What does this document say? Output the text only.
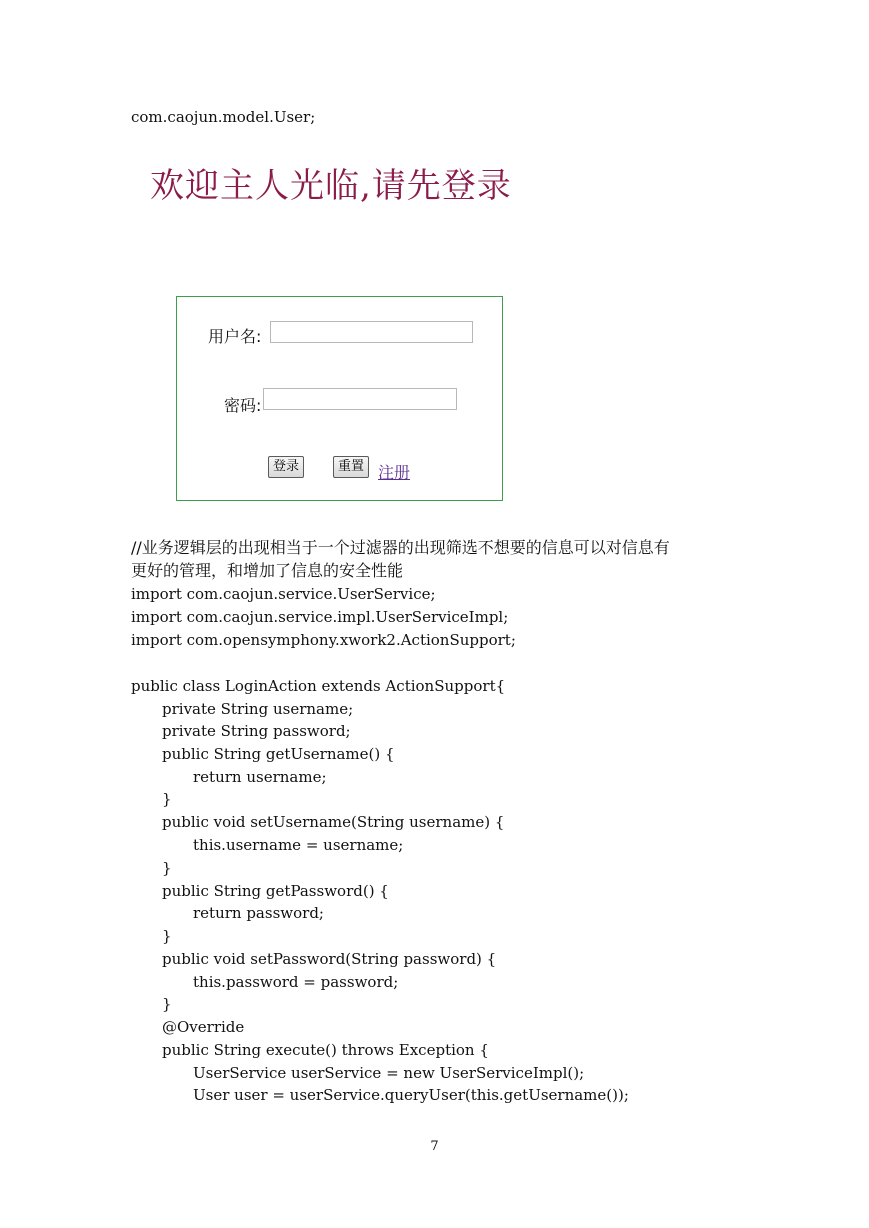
com.caojun.model.User;
欢迎主人光临,请先登录
用户名:
密码:
登录	重置 注册
//业务逻辑层的出现相当于一个过滤器的出现筛选不想要的信息可以对信息有
更好的管理，和增加了信息的安全性能
import com.caojun.service.UserService;
import com.caojun.service.impl.UserServiceImpl;
import com.opensymphony.xwork2.ActionSupport;
public class LoginAction extends ActionSupport{
private String username;
private String password;
public String getUsername() {
return username;
}
public void setUsername(String username) {
this.username = username;
}
public String getPassword() {
return password;
}
public void setPassword(String password) {
this.password = password;
}
@Override
public String execute() throws Exception {
UserService userService = new UserServiceImpl();
User user = userService.queryUser(this.getUsername());
7
